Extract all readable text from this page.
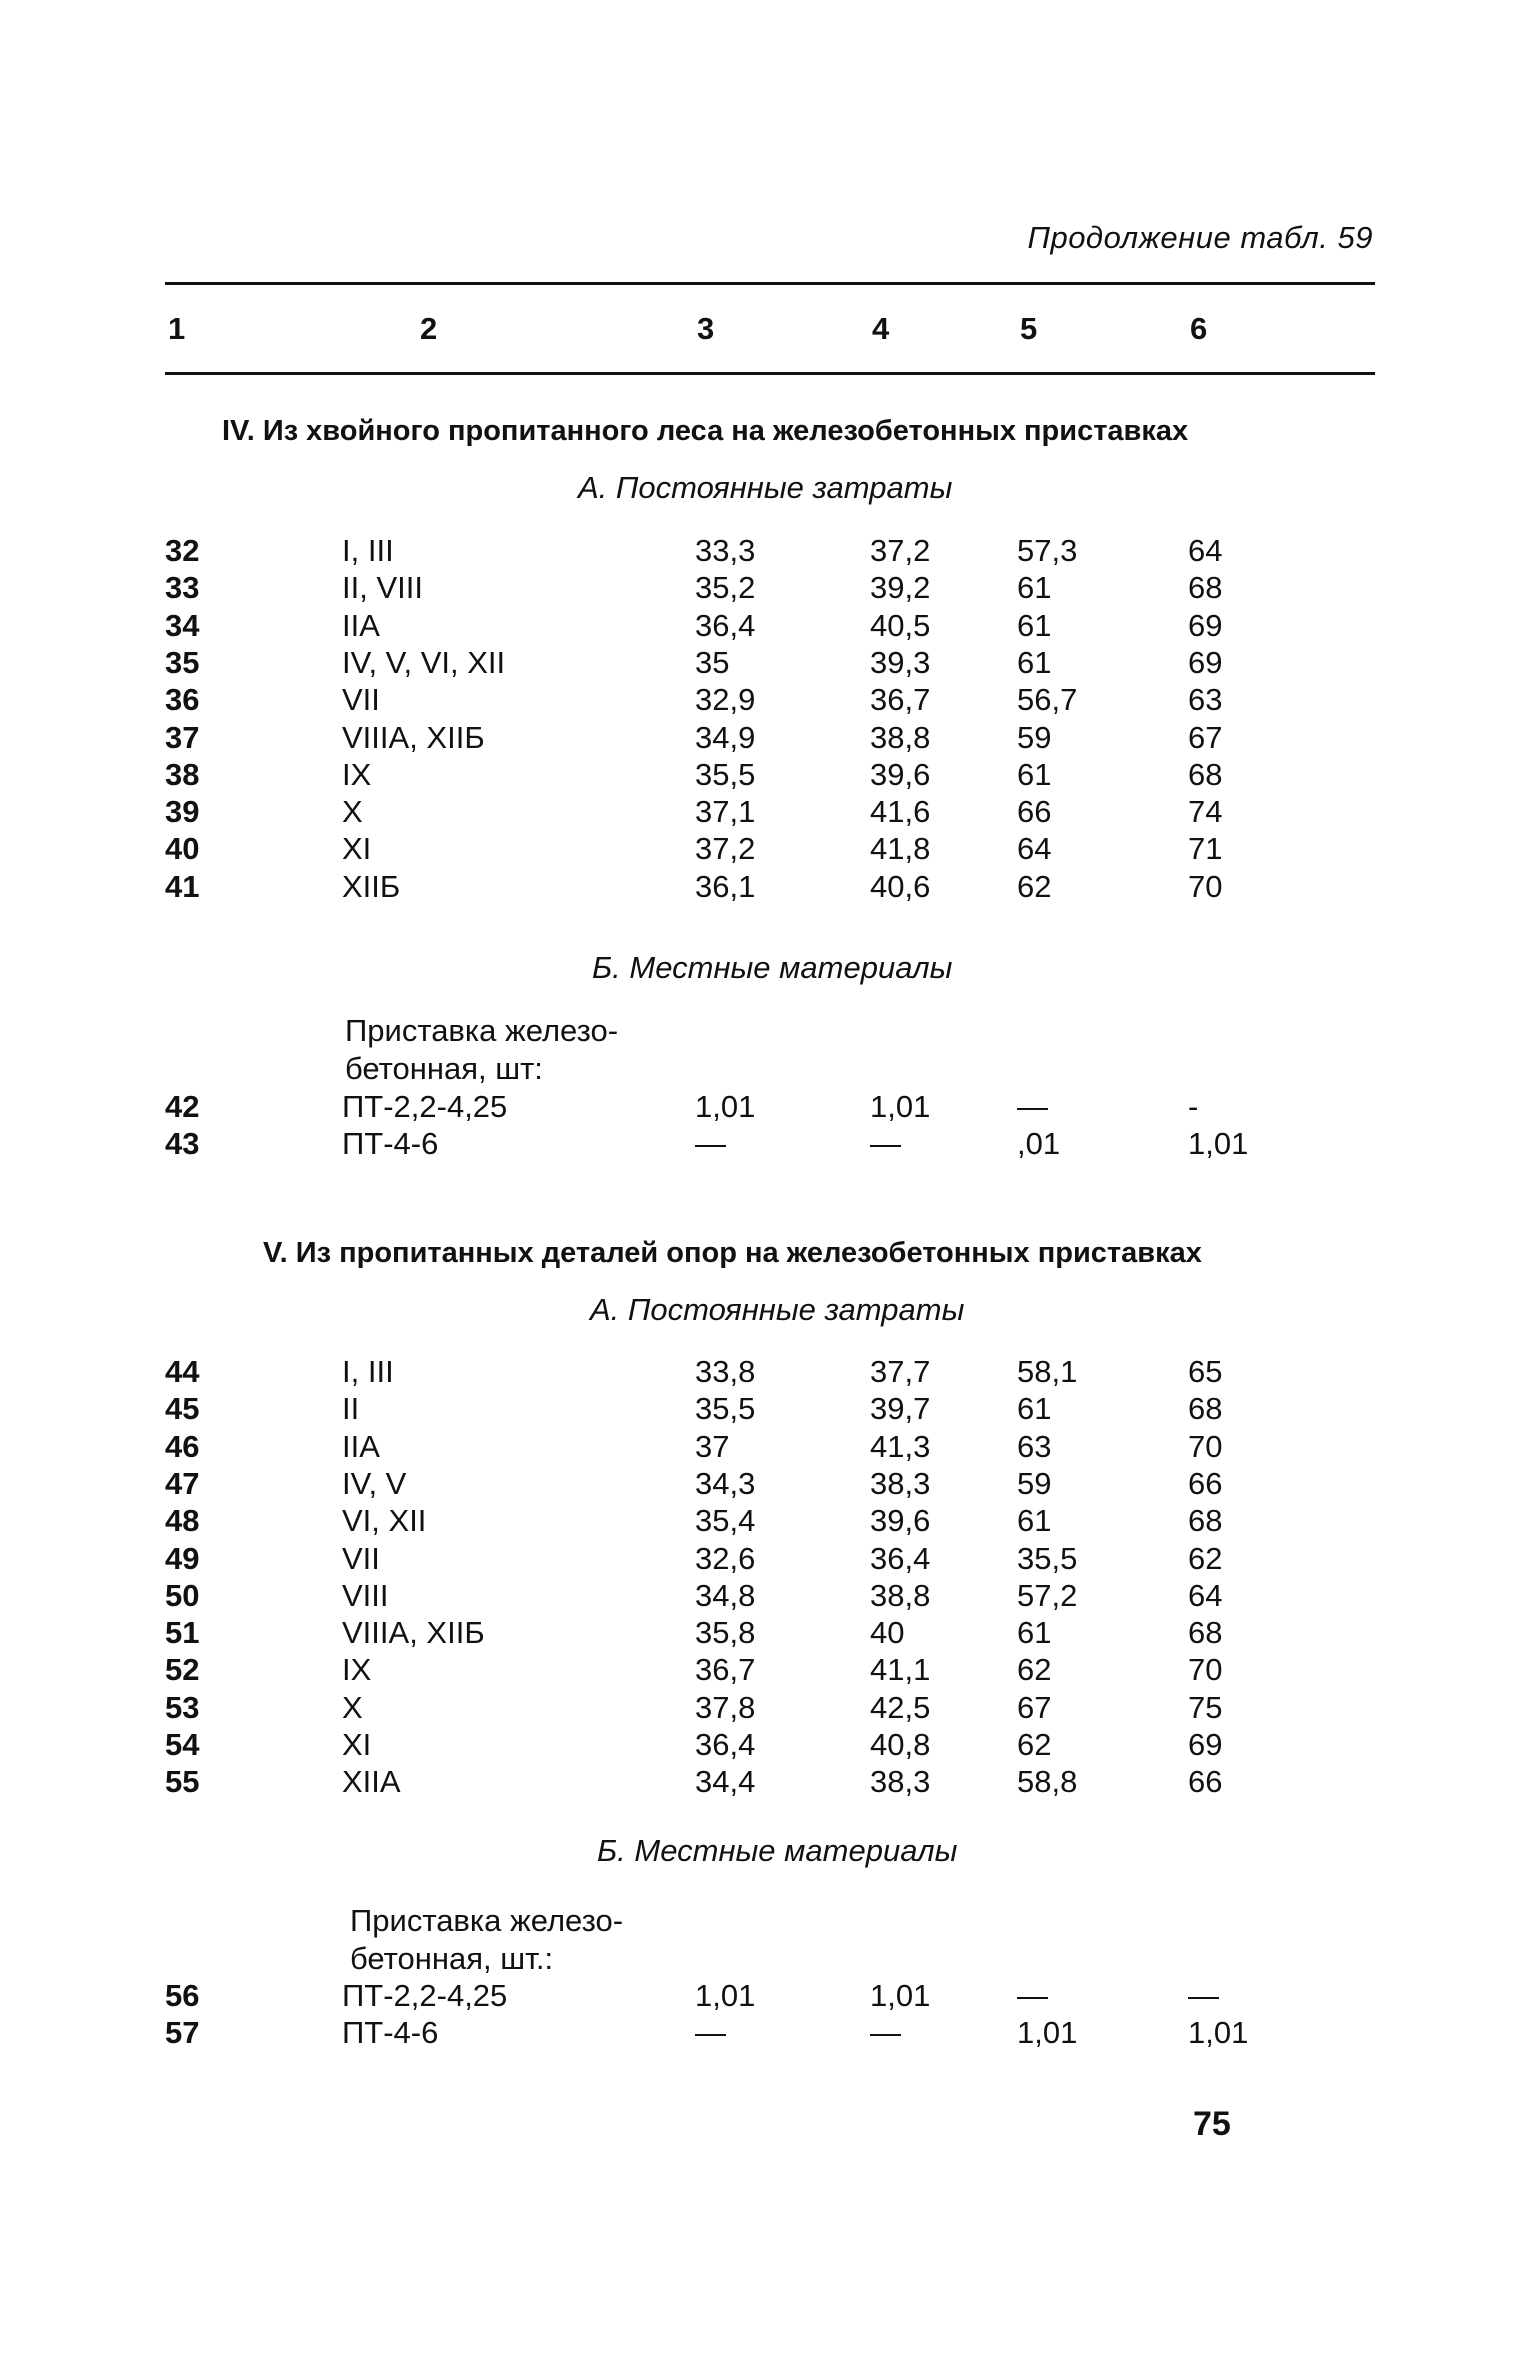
Продолжение табл. 59
1	2	3	4	5	6
IV. Из хвойного пропитанного леса на железобетонных приставках
А. Постоянные затраты
32	I, III	33,3	37,2	57,3	64
33	II, VIII	35,2	39,2	61	68
34	IIА	36,4	40,5	61	69
35	IV, V, VI, XII	35	39,3	61	69
36	VII	32,9	36,7	56,7	63
37	VIIIА, XIIБ	34,9	38,8	59	67
38	IX	35,5	39,6	61	68
39	X	37,1	41,6	66	74
40	XI	37,2	41,8	64	71
41	XIIБ	36,1	40,6	62	70
Б. Местные материалы
Приставка железо-
бетонная, шт:
42	ПТ-2,2-4,25	1,01	1,01	—	-
43	ПТ-4-6	—	—	,01	1,01
V. Из пропитанных деталей опор на железобетонных приставках
А. Постоянные затраты
44	I, III	33,8	37,7	58,1	65
45	II	35,5	39,7	61	68
46	IIА	37	41,3	63	70
47	IV, V	34,3	38,3	59	66
48	VI, XII	35,4	39,6	61	68
49	VII	32,6	36,4	35,5	62
50	VIII	34,8	38,8	57,2	64
51	VIIIА, XIIБ	35,8	40	61	68
52	IX	36,7	41,1	62	70
53	X	37,8	42,5	67	75
54	XI	36,4	40,8	62	69
55	XIIА	34,4	38,3	58,8	66
Б. Местные материалы
Приставка железо-
бетонная, шт.:
56	ПТ-2,2-4,25	1,01	1,01	—	—
57	ПТ-4-6	—	—	1,01	1,01
75
